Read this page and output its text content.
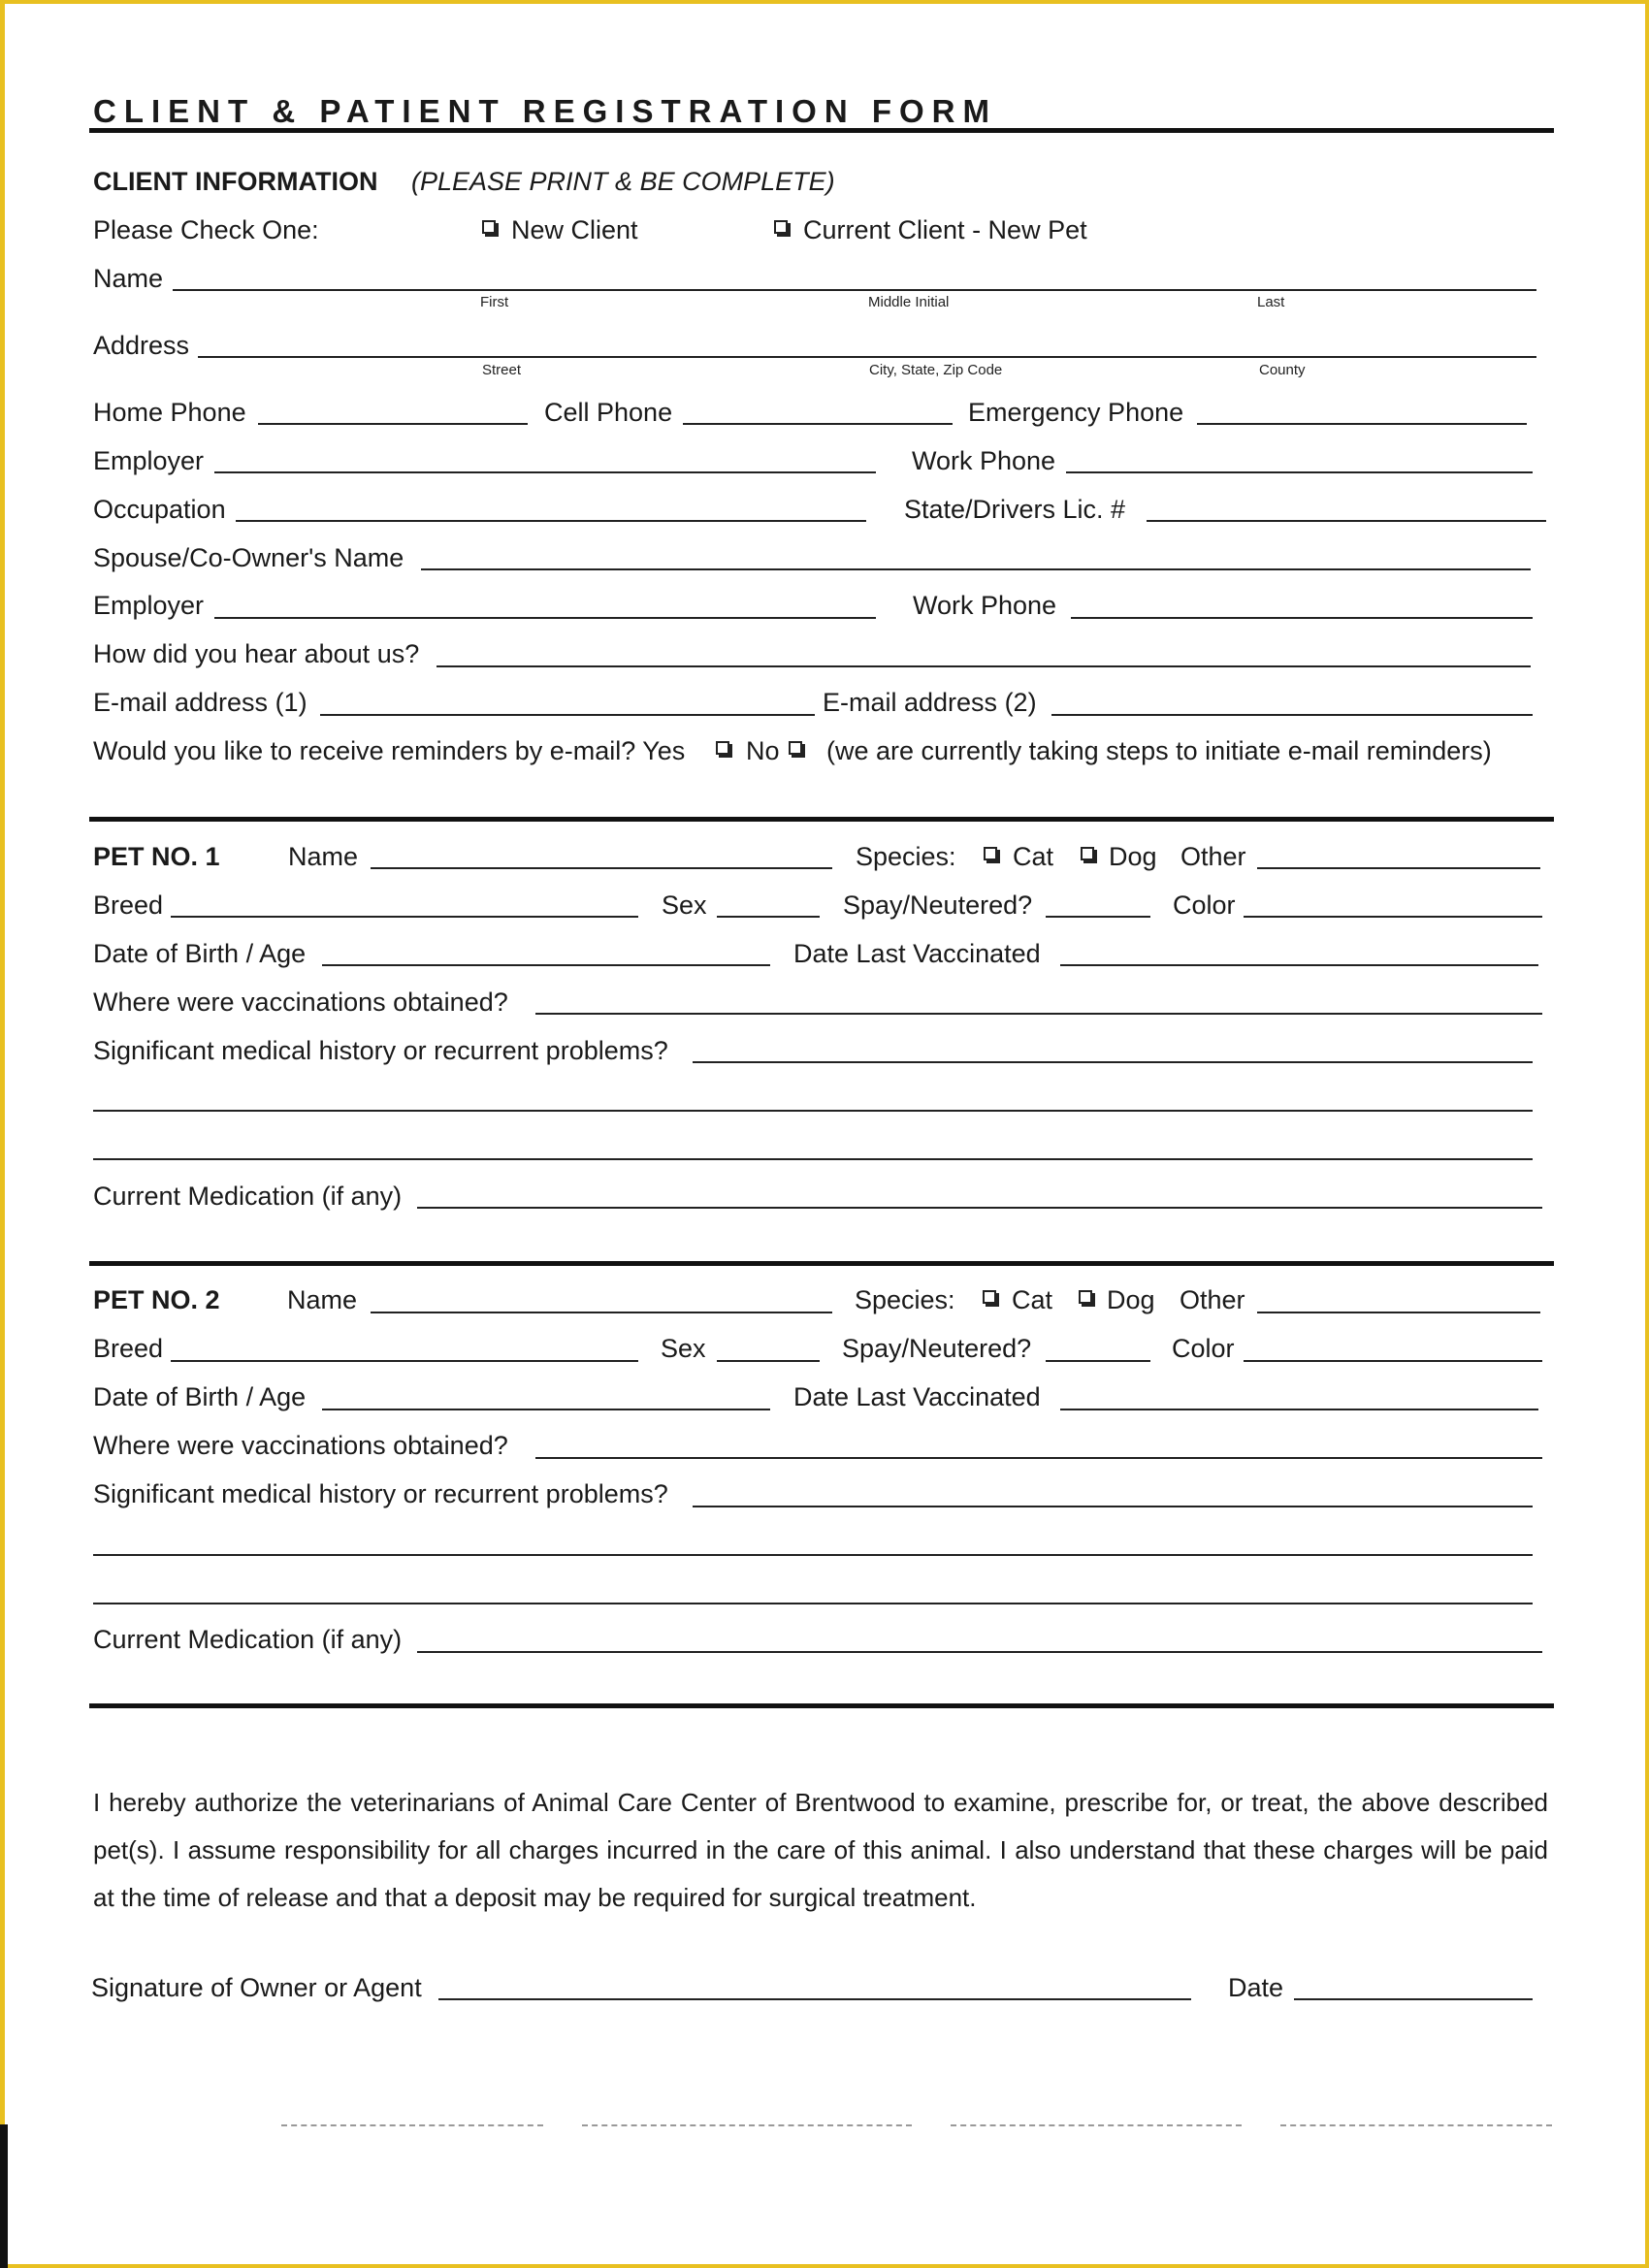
CLIENT & PATIENT REGISTRATION FORM
CLIENT INFORMATION (PLEASE PRINT & BE COMPLETE)
Please Check One:	New Client	Current Client - New Pet
Name
First	Middle Initial	Last
Address
Street	City, State, Zip Code	County
Home Phone	Cell Phone	Emergency Phone
Employer	Work Phone
Occupation	State/Drivers Lic. #
Spouse/Co-Owner's Name
Employer	Work Phone
How did you hear about us?
E-mail address (1)	E-mail address (2)
Would you like to receive reminders by e-mail? Yes No (we are currently taking steps to initiate e-mail reminders)
PET NO. 1	Name	Species: Cat Dog Other
Breed	Sex	Spay/Neutered?	Color
Date of Birth / Age	Date Last Vaccinated
Where were vaccinations obtained?
Significant medical history or recurrent problems?
Current Medication (if any)
PET NO. 2	Name	Species: Cat Dog Other
Breed	Sex	Spay/Neutered?	Color
Date of Birth / Age	Date Last Vaccinated
Where were vaccinations obtained?
Significant medical history or recurrent problems?
Current Medication (if any)

I hereby authorize the veterinarians of Animal Care Center of Brentwood to examine, prescribe for, or treat, the above described pet(s). I assume responsibility for all charges incurred in the care of this animal. I also understand that these charges will be paid at the time of release and that a deposit may be required for surgical treatment.

Signature of Owner or Agent	Date
